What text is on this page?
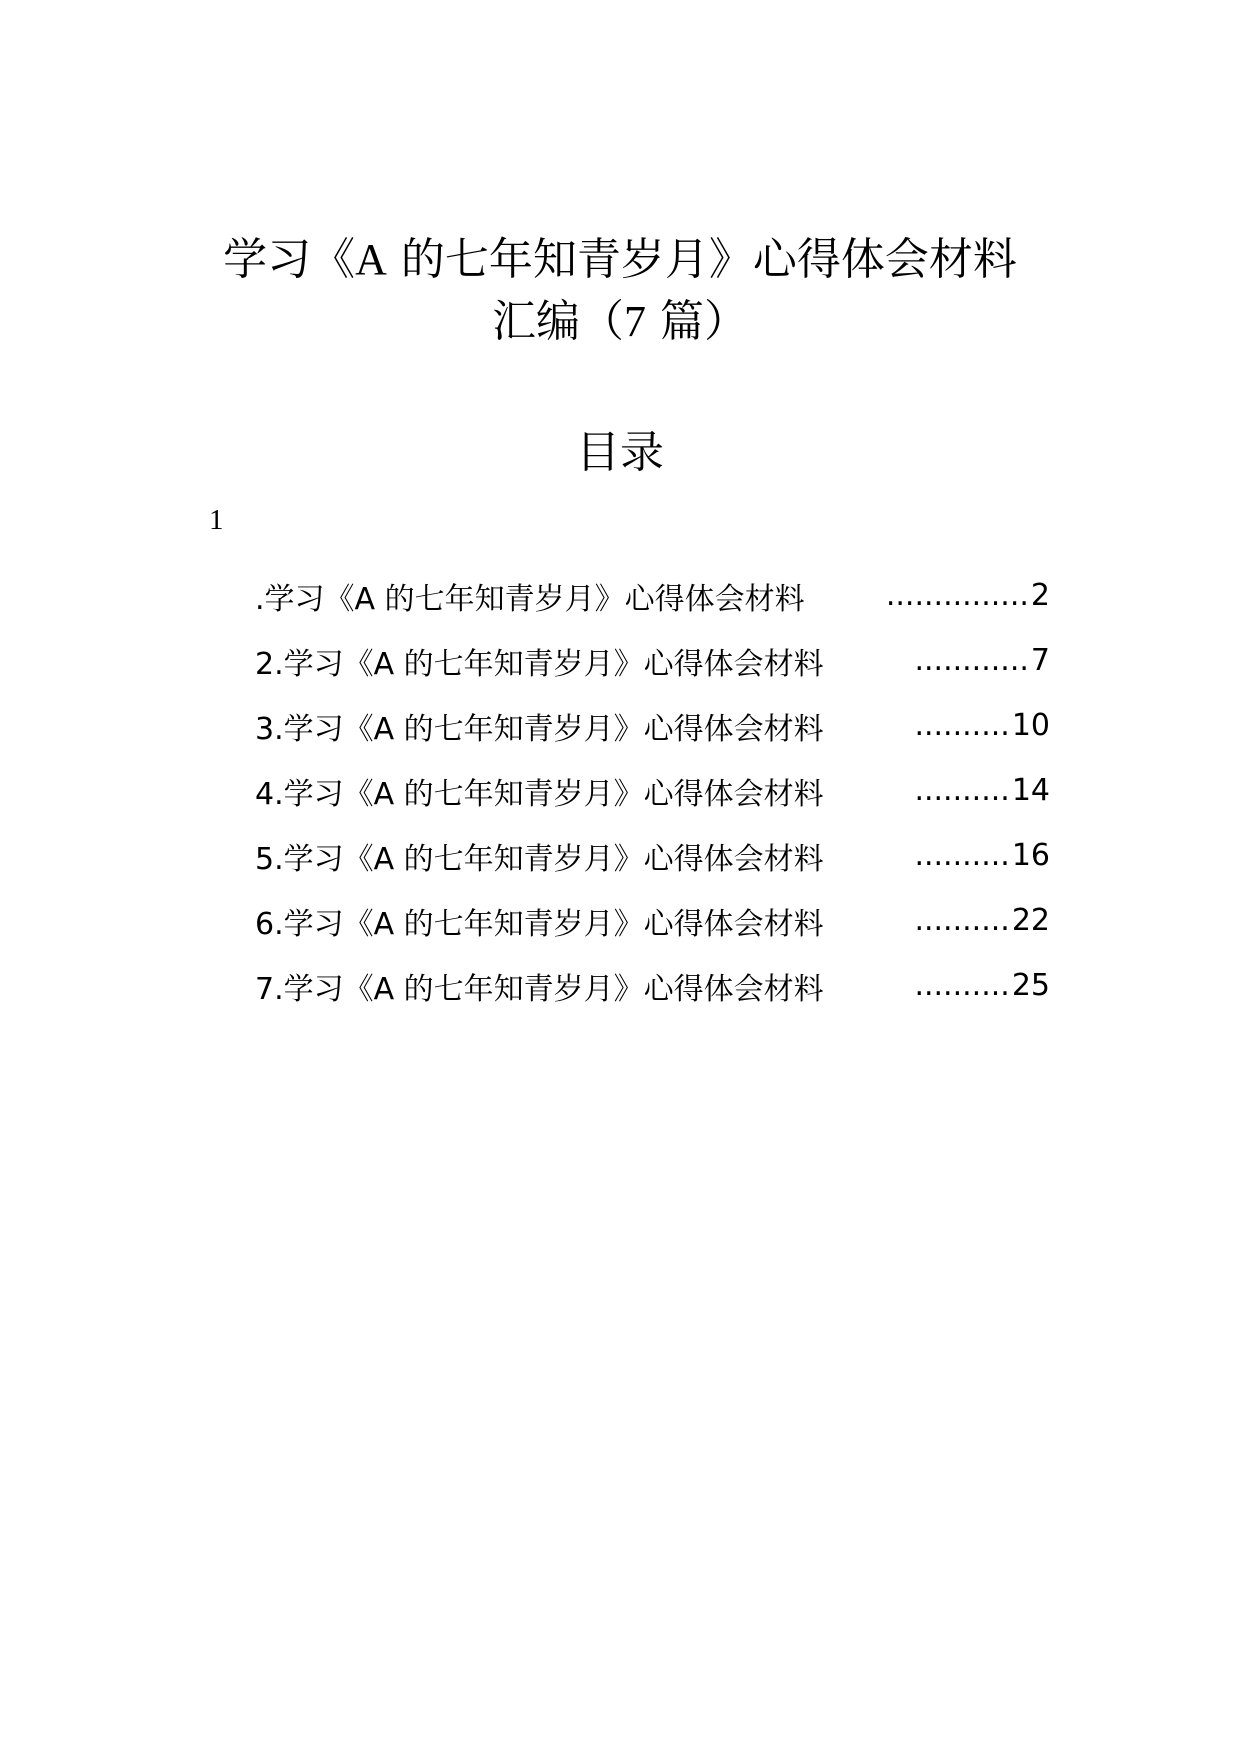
学习《A 的七年知青岁月》心得体会材料
汇编（7 篇）
目录
1
.学习《A 的七年知青岁月》心得体会材料	............... 2
2.学习《A 的七年知青岁月》心得体会材料	............ 7
3.学习《A 的七年知青岁月》心得体会材料	.......... 10
4.学习《A 的七年知青岁月》心得体会材料	.......... 14
5.学习《A 的七年知青岁月》心得体会材料	.......... 16
6.学习《A 的七年知青岁月》心得体会材料	.......... 22
7.学习《A 的七年知青岁月》心得体会材料	.......... 25
